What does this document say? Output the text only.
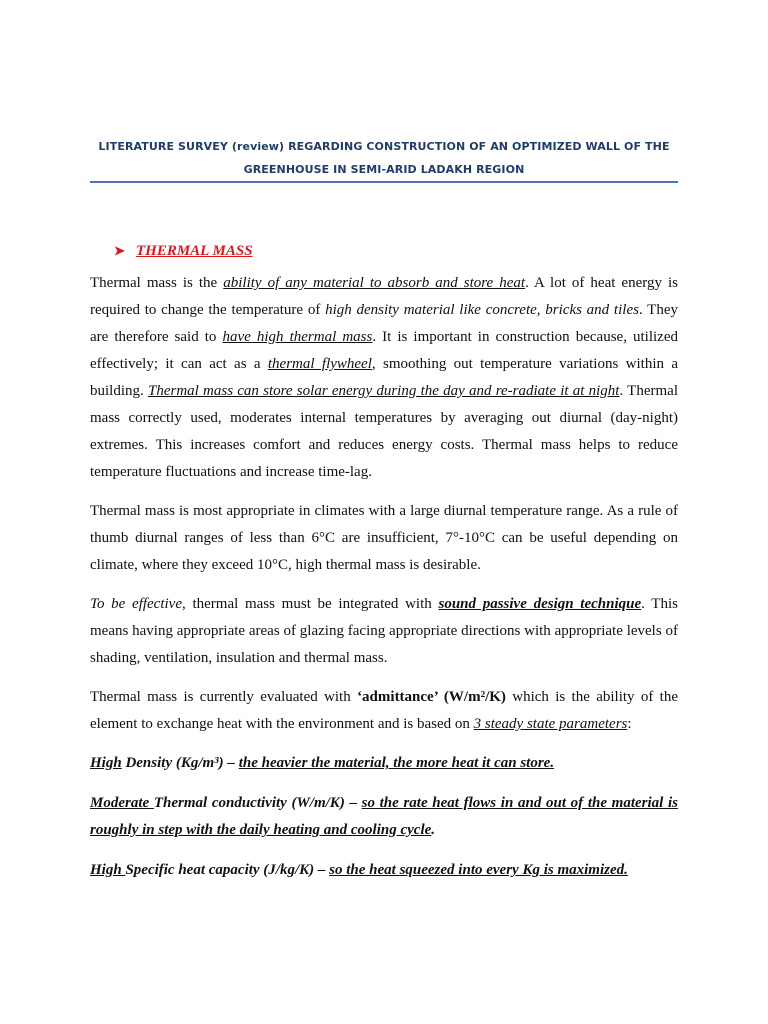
LITERATURE SURVEY (review) REGARDING CONSTRUCTION OF AN OPTIMIZED WALL OF THE
GREENHOUSE IN SEMI-ARID LADAKH REGION
➤ THERMAL MASS

Thermal mass is the ability of any material to absorb and store heat. A lot of heat energy is required to change the temperature of high density material like concrete, bricks and tiles. They are therefore said to have high thermal mass. It is important in construction because, utilized effectively; it can act as a thermal flywheel, smoothing out temperature variations within a building. Thermal mass can store solar energy during the day and re-radiate it at night. Thermal mass correctly used, moderates internal temperatures by averaging out diurnal (day-night) extremes. This increases comfort and reduces energy costs. Thermal mass helps to reduce temperature fluctuations and increase time-lag.

Thermal mass is most appropriate in climates with a large diurnal temperature range. As a rule of thumb diurnal ranges of less than 6°C are insufficient, 7°-10°C can be useful depending on climate, where they exceed 10°C, high thermal mass is desirable.

To be effective, thermal mass must be integrated with sound passive design technique. This means having appropriate areas of glazing facing appropriate directions with appropriate levels of shading, ventilation, insulation and thermal mass.

Thermal mass is currently evaluated with ‘admittance’ (W/m²/K) which is the ability of the element to exchange heat with the environment and is based on 3 steady state parameters:

High Density (Kg/m³) – the heavier the material, the more heat it can store.

Moderate Thermal conductivity (W/m/K) – so the rate heat flows in and out of the material is roughly in step with the daily heating and cooling cycle.

High Specific heat capacity (J/kg/K) – so the heat squeezed into every Kg is maximized.
